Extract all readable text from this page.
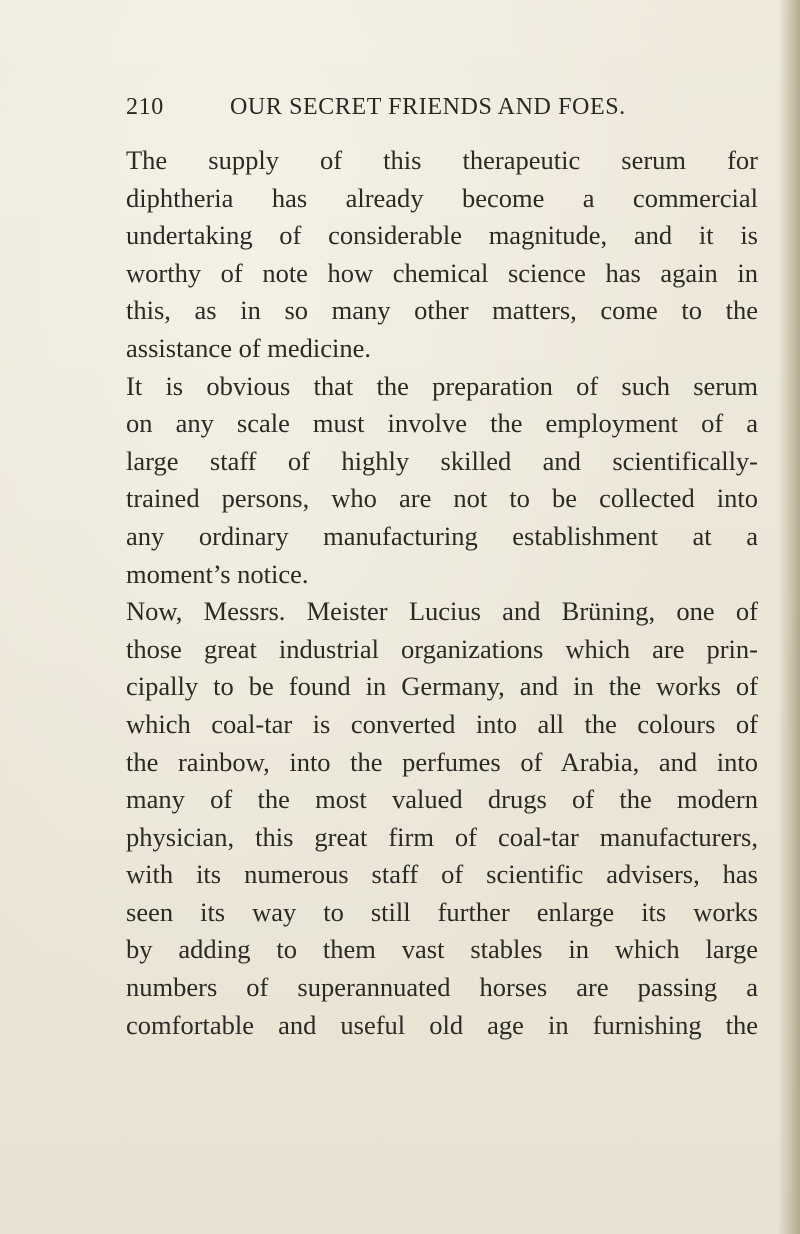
210	OUR SECRET FRIENDS AND FOES.
The supply of this therapeutic serum for
diphtheria has already become a commercial
undertaking of considerable magnitude, and it is
worthy of note how chemical science has again in
this, as in so many other matters, come to the
assistance of medicine.
It is obvious that the preparation of such serum
on any scale must involve the employment of a
large staff of highly skilled and scientifically-
trained persons, who are not to be collected into
any ordinary manufacturing establishment at a
moment’s notice.
Now, Messrs. Meister Lucius and Brüning, one of
those great industrial organizations which are prin-
cipally to be found in Germany, and in the works of
which coal-tar is converted into all the colours of
the rainbow, into the perfumes of Arabia, and into
many of the most valued drugs of the modern
physician, this great firm of coal-tar manufacturers,
with its numerous staff of scientific advisers, has
seen its way to still further enlarge its works
by adding to them vast stables in which large
numbers of superannuated horses are passing a
comfortable and useful old age in furnishing the
